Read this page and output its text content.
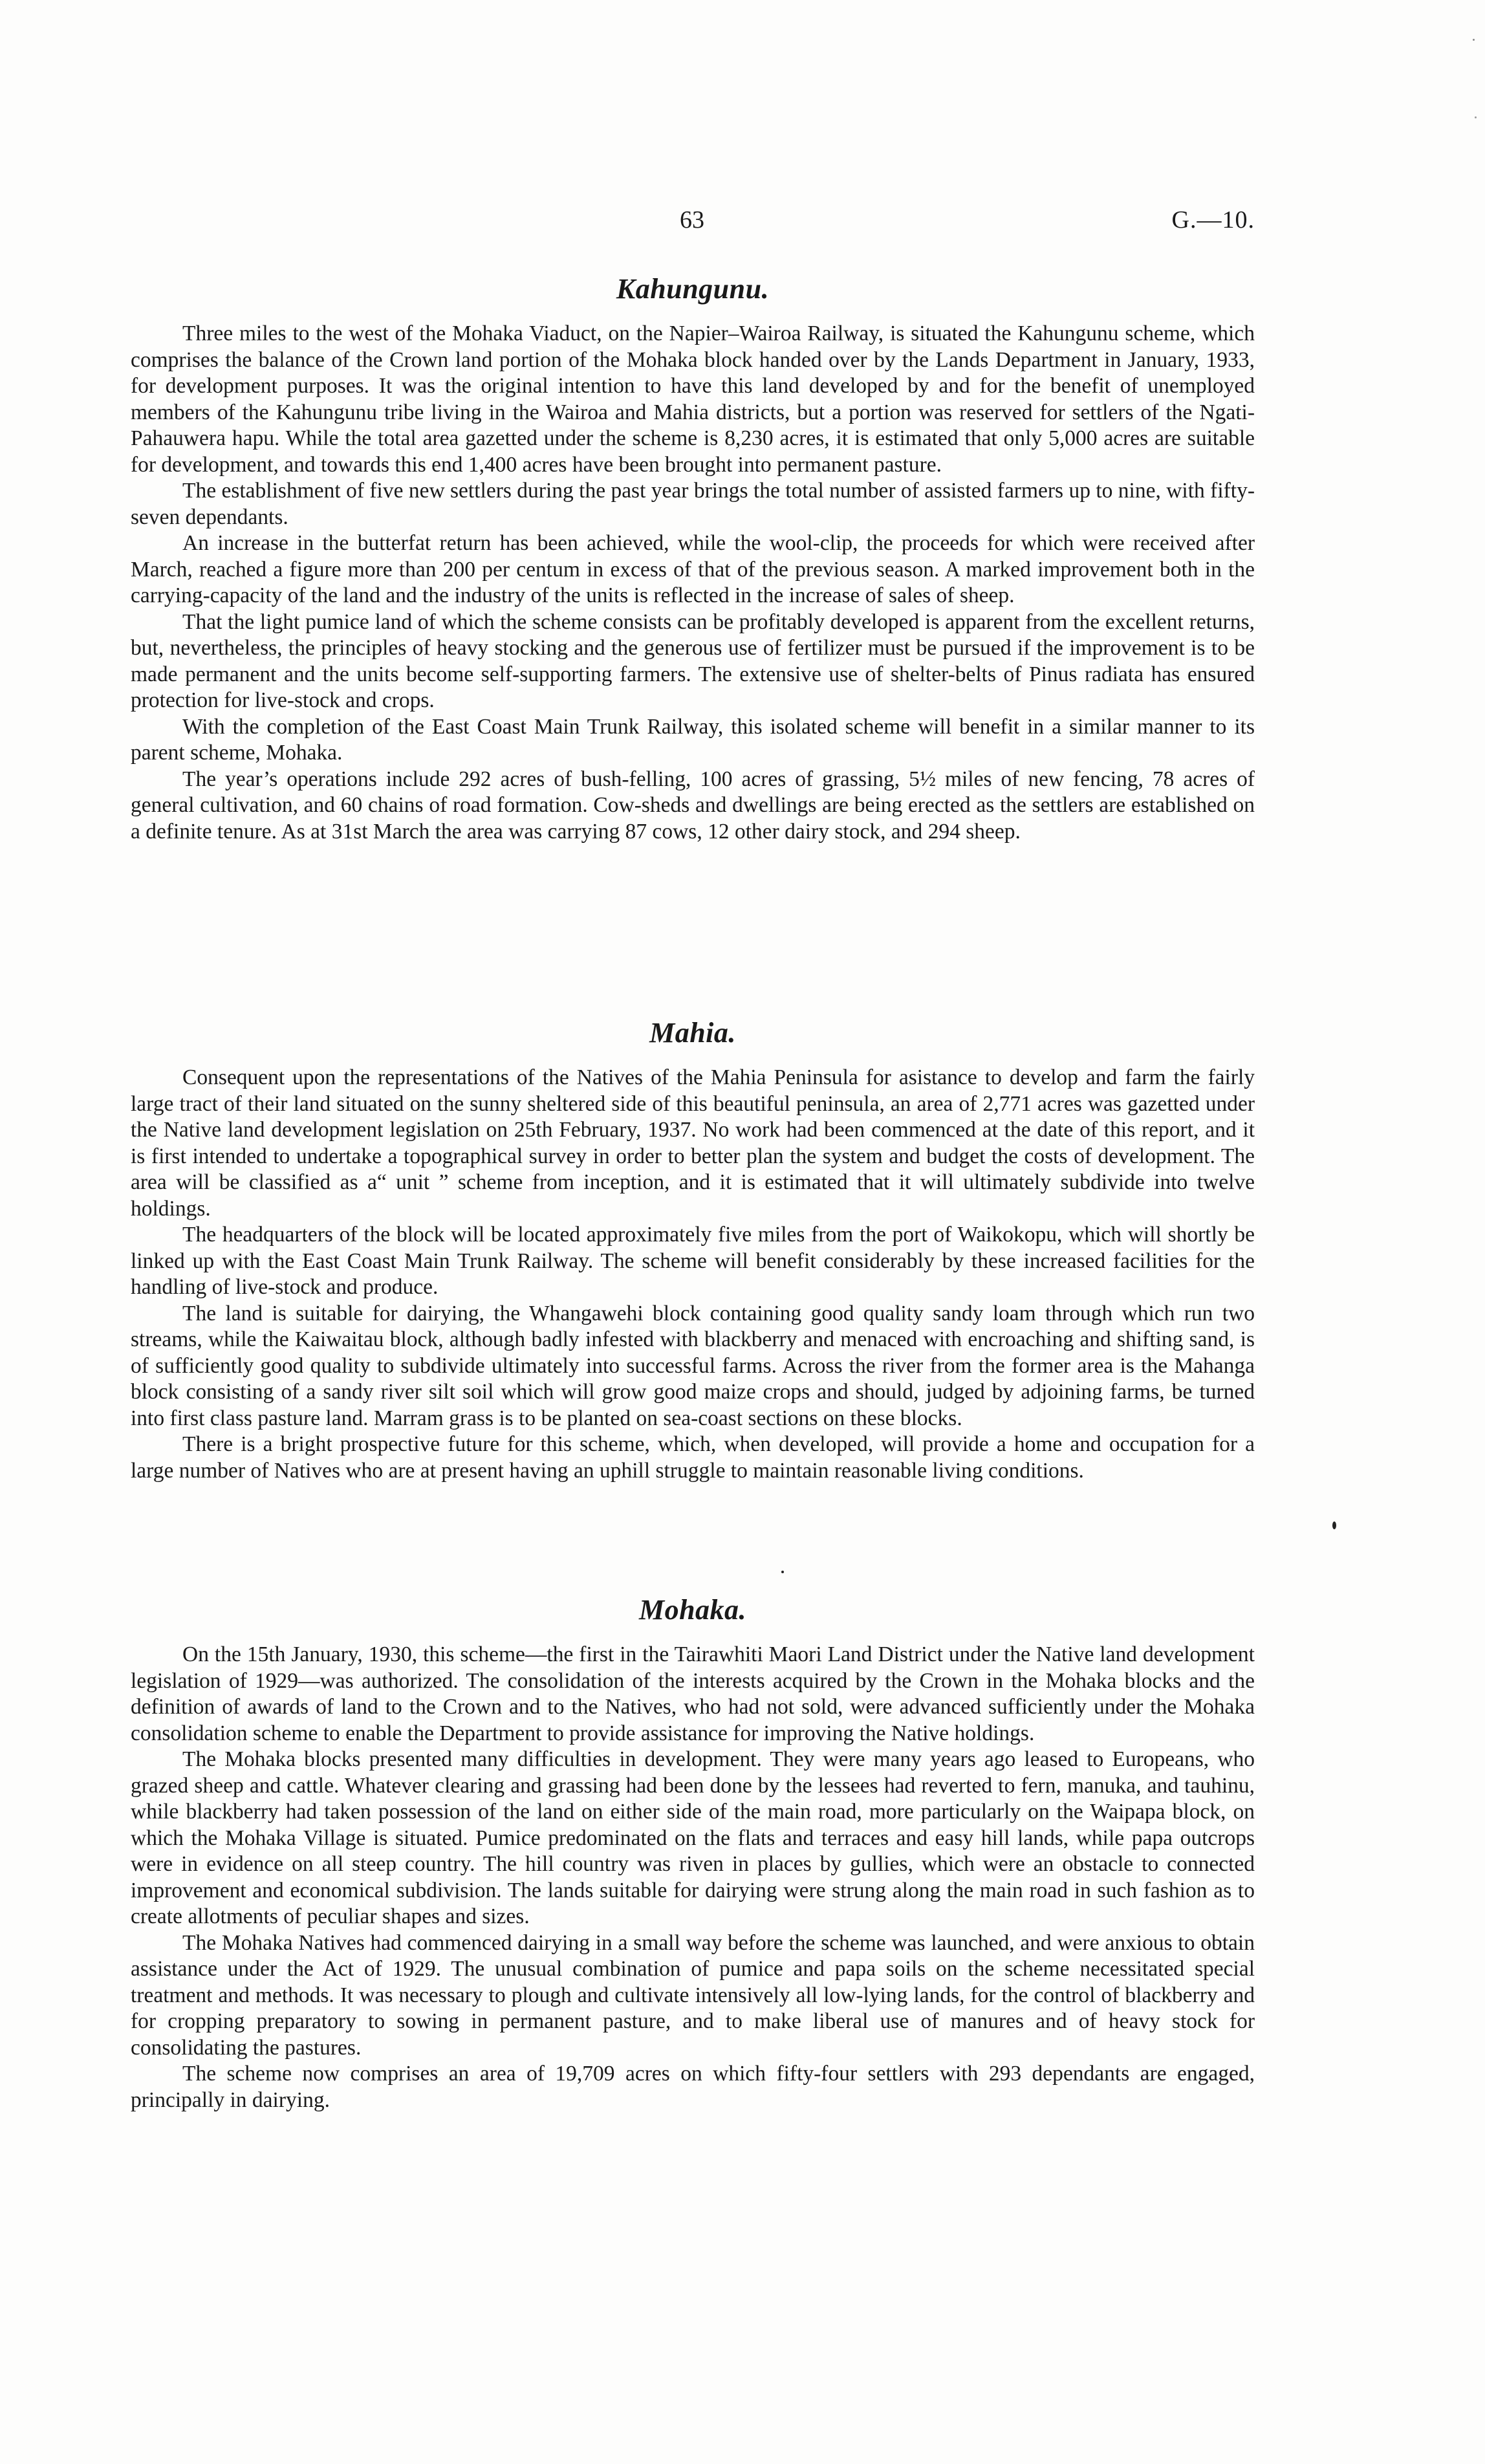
63	G.—10.
Kahungunu.

Three miles to the west of the Mohaka Viaduct, on the Napier–Wairoa Railway, is situated the Kahungunu scheme, which comprises the balance of the Crown land portion of the Mohaka block handed over by the Lands Department in January, 1933, for development purposes. It was the original intention to have this land developed by and for the benefit of unemployed members of the Kahungunu tribe living in the Wairoa and Mahia districts, but a portion was reserved for settlers of the Ngati-Pahauwera hapu. While the total area gazetted under the scheme is 8,230 acres, it is estimated that only 5,000 acres are suitable for development, and towards this end 1,400 acres have been brought into permanent pasture.

The establishment of five new settlers during the past year brings the total number of assisted farmers up to nine, with fifty-seven dependants.

An increase in the butterfat return has been achieved, while the wool-clip, the proceeds for which were received after March, reached a figure more than 200 per centum in excess of that of the previous season. A marked improvement both in the carrying-capacity of the land and the industry of the units is reflected in the increase of sales of sheep.

That the light pumice land of which the scheme consists can be profitably developed is apparent from the excellent returns, but, nevertheless, the principles of heavy stocking and the generous use of fertilizer must be pursued if the improvement is to be made permanent and the units become self-supporting farmers. The extensive use of shelter-belts of Pinus radiata has ensured protection for live-stock and crops.

With the completion of the East Coast Main Trunk Railway, this isolated scheme will benefit in a similar manner to its parent scheme, Mohaka.

The year’s operations include 292 acres of bush-felling, 100 acres of grassing, 5½ miles of new fencing, 78 acres of general cultivation, and 60 chains of road formation. Cow-sheds and dwellings are being erected as the settlers are established on a definite tenure. As at 31st March the area was carrying 87 cows, 12 other dairy stock, and 294 sheep.

Mahia.

Consequent upon the representations of the Natives of the Mahia Peninsula for asistance to develop and farm the fairly large tract of their land situated on the sunny sheltered side of this beautiful peninsula, an area of 2,771 acres was gazetted under the Native land development legislation on 25th February, 1937. No work had been commenced at the date of this report, and it is first intended to undertake a topographical survey in order to better plan the system and budget the costs of development. The area will be classified as a“ unit ” scheme from inception, and it is estimated that it will ultimately subdivide into twelve holdings.

The headquarters of the block will be located approximately five miles from the port of Waikokopu, which will shortly be linked up with the East Coast Main Trunk Railway. The scheme will benefit considerably by these increased facilities for the handling of live-stock and produce.

The land is suitable for dairying, the Whangawehi block containing good quality sandy loam through which run two streams, while the Kaiwaitau block, although badly infested with blackberry and menaced with encroaching and shifting sand, is of sufficiently good quality to subdivide ultimately into successful farms. Across the river from the former area is the Mahanga block consisting of a sandy river silt soil which will grow good maize crops and should, judged by adjoining farms, be turned into first class pasture land. Marram grass is to be planted on sea-coast sections on these blocks.

There is a bright prospective future for this scheme, which, when developed, will provide a home and occupation for a large number of Natives who are at present having an uphill struggle to maintain reasonable living conditions.

Mohaka.

On the 15th January, 1930, this scheme—the first in the Tairawhiti Maori Land District under the Native land development legislation of 1929—was authorized. The consolidation of the interests acquired by the Crown in the Mohaka blocks and the definition of awards of land to the Crown and to the Natives, who had not sold, were advanced sufficiently under the Mohaka consolidation scheme to enable the Department to provide assistance for improving the Native holdings.

The Mohaka blocks presented many difficulties in development. They were many years ago leased to Europeans, who grazed sheep and cattle. Whatever clearing and grassing had been done by the lessees had reverted to fern, manuka, and tauhinu, while blackberry had taken possession of the land on either side of the main road, more particularly on the Waipapa block, on which the Mohaka Village is situated. Pumice predominated on the flats and terraces and easy hill lands, while papa outcrops were in evidence on all steep country. The hill country was riven in places by gullies, which were an obstacle to connected improvement and economical subdivision. The lands suitable for dairying were strung along the main road in such fashion as to create allotments of peculiar shapes and sizes.

The Mohaka Natives had commenced dairying in a small way before the scheme was launched, and were anxious to obtain assistance under the Act of 1929. The unusual combination of pumice and papa soils on the scheme necessitated special treatment and methods. It was necessary to plough and cultivate intensively all low-lying lands, for the control of blackberry and for cropping preparatory to sowing in permanent pasture, and to make liberal use of manures and of heavy stock for consolidating the pastures.

The scheme now comprises an area of 19,709 acres on which fifty-four settlers with 293 dependants are engaged, principally in dairying.
